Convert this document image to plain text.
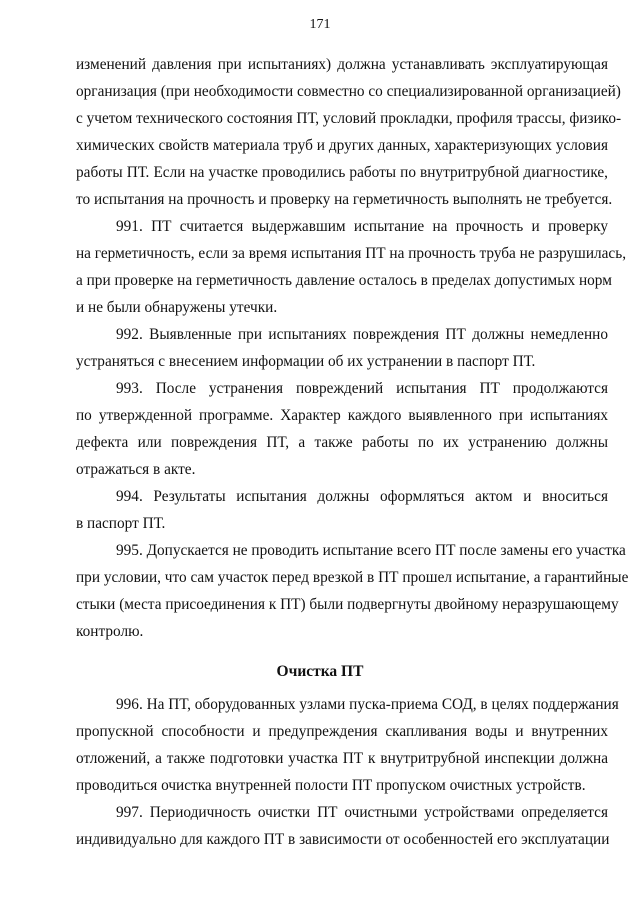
171
изменений давления при испытаниях) должна устанавливать эксплуатирующая
организация (при необходимости совместно со специализированной организацией)
с учетом технического состояния ПТ, условий прокладки, профиля трассы, физико-
химических свойств материала труб и других данных, характеризующих условия
работы ПТ. Если на участке проводились работы по внутритрубной диагностике,
то испытания на прочность и проверку на герметичность выполнять не требуется.
991. ПТ считается выдержавшим испытание на прочность и проверку
на герметичность, если за время испытания ПТ на прочность труба не разрушилась,
а при проверке на герметичность давление осталось в пределах допустимых норм
и не были обнаружены утечки.
992. Выявленные при испытаниях повреждения ПТ должны немедленно
устраняться с внесением информации об их устранении в паспорт ПТ.
993. После устранения повреждений испытания ПТ продолжаются
по утвержденной программе. Характер каждого выявленного при испытаниях
дефекта или повреждения ПТ, а также работы по их устранению должны
отражаться в акте.
994. Результаты испытания должны оформляться актом и вноситься
в паспорт ПТ.
995. Допускается не проводить испытание всего ПТ после замены его участка
при условии, что сам участок перед врезкой в ПТ прошел испытание, а гарантийные
стыки (места присоединения к ПТ) были подвергнуты двойному неразрушающему
контролю.
Очистка ПТ
996. На ПТ, оборудованных узлами пуска-приема СОД, в целях поддержания
пропускной способности и предупреждения скапливания воды и внутренних
отложений, а также подготовки участка ПТ к внутритрубной инспекции должна
проводиться очистка внутренней полости ПТ пропуском очистных устройств.
997. Периодичность очистки ПТ очистными устройствами определяется
индивидуально для каждого ПТ в зависимости от особенностей его эксплуатации
